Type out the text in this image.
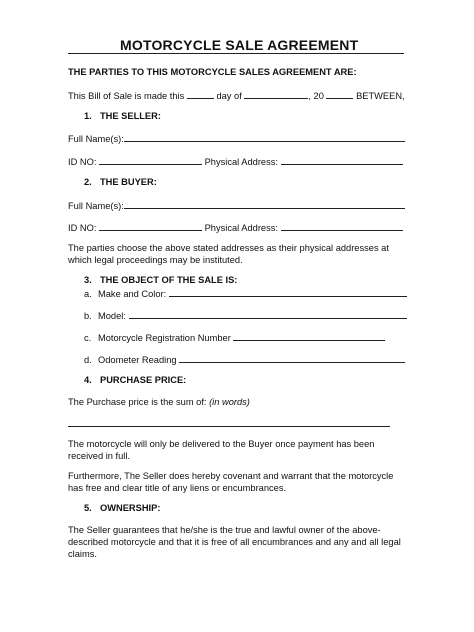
MOTORCYCLE SALE AGREEMENT
THE PARTIES TO THIS MOTORCYCLE SALES AGREEMENT ARE:
This Bill of Sale is made this	day of	, 20	BETWEEN,
1. THE SELLER:
Full Name(s):
ID NO:	Physical Address:
2. THE BUYER:
Full Name(s):
ID NO:	Physical Address:
The parties choose the above stated addresses as their physical addresses at which legal proceedings may be instituted.
3. THE OBJECT OF THE SALE IS:
a. Make and Color:
b. Model:
c. Motorcycle Registration Number
d. Odometer Reading
4. PURCHASE PRICE:
The Purchase price is the sum of: (in words)
The motorcycle will only be delivered to the Buyer once payment has been received in full.
Furthermore, The Seller does hereby covenant and warrant that the motorcycle has free and clear title of any liens or encumbrances.
5. OWNERSHIP:
The Seller guarantees that he/she is the true and lawful owner of the above-described motorcycle and that it is free of all encumbrances and any and all legal claims.
